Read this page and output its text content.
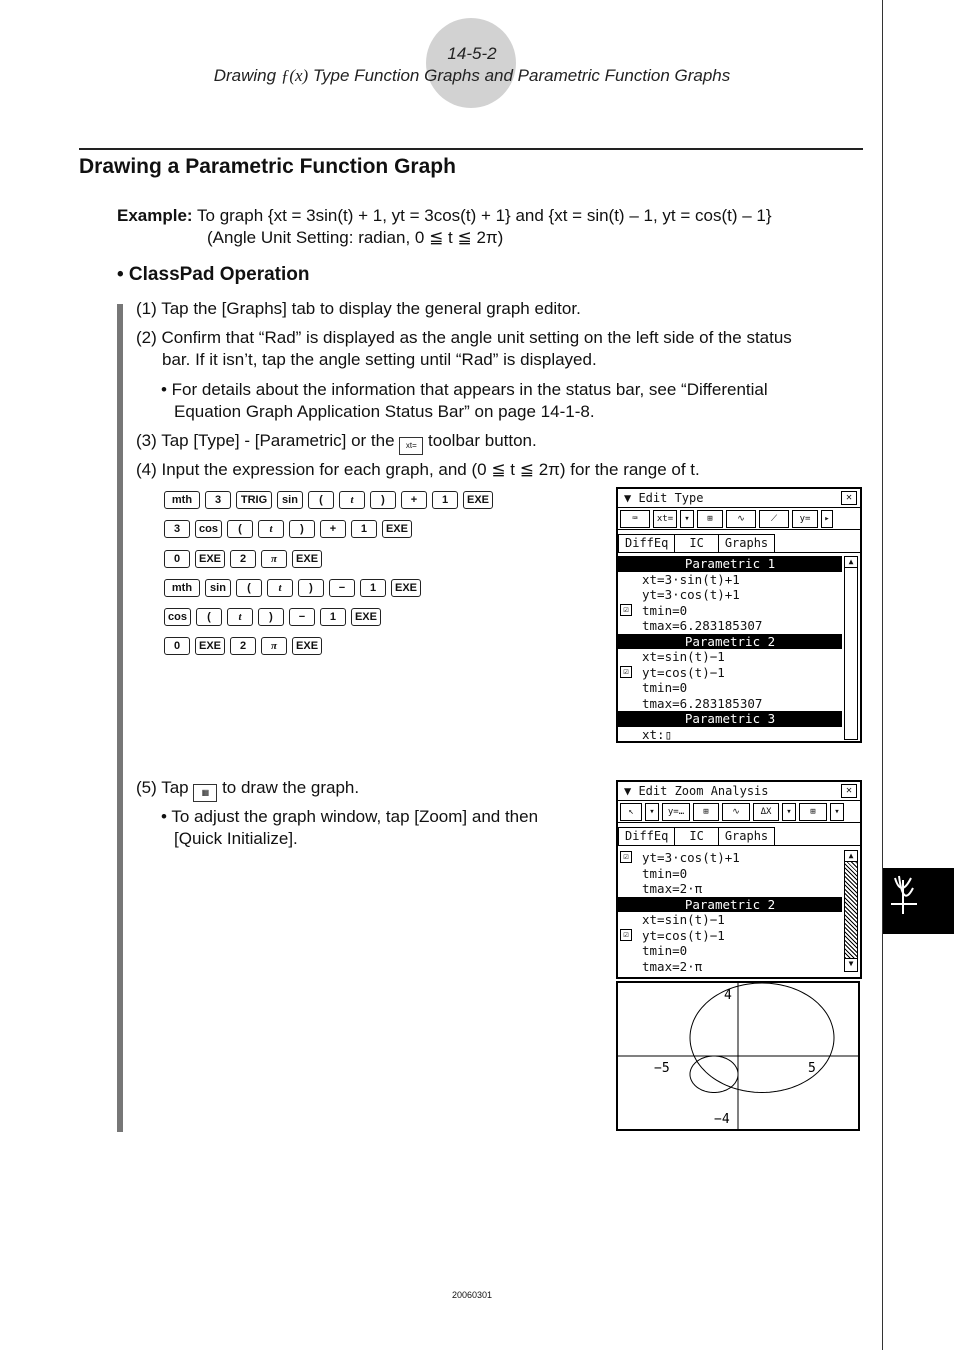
14-5-2
Drawing ƒ(x) Type Function Graphs and Parametric Function Graphs
Drawing a Parametric Function Graph
Example: To graph {xt = 3sin(t) + 1, yt = 3cos(t) + 1} and {xt = sin(t) – 1, yt = cos(t) – 1}
(Angle Unit Setting: radian, 0 ≦ t ≦ 2π)
• ClassPad Operation
(1) Tap the [Graphs] tab to display the general graph editor.
(2) Confirm that “Rad” is displayed as the angle unit setting on the left side of the status
bar. If it isn’t, tap the angle setting until “Rad” is displayed.
• For details about the information that appears in the status bar, see “Differential
Equation Graph Application Status Bar” on page 14-1-8.
(3) Tap [Type] - [Parametric] or the xt= toolbar button.
(4) Input the expression for each graph, and (0 ≦ t ≦ 2π) for the range of t.
mth	3	TRIG	sin	(	t	)	+	1	EXE
3	cos	(	t	)	+	1	EXE
0	EXE	2	π	EXE
mth	sin	(	t	)	−	1	EXE
cos	(	t	)	−	1	EXE
0	EXE	2	π	EXE
▼ Edit Type	✕
⌨	xt=	▾	⊞	∿	⟋	y=	▸
DiffEq	IC	Graphs
Parametric 1
xt=3·sin(t)+1
yt=3·cos(t)+1
☑ tmin=0
tmax=6.283185307
Parametric 2
xt=sin(t)−1
☑ yt=cos(t)−1
tmin=0
tmax=6.283185307
Parametric 3
xt:▯
▲
(5) Tap ▦ to draw the graph.
• To adjust the graph window, tap [Zoom] and then
[Quick Initialize].
▼ Edit Zoom Analysis	✕
↖	▾	y=…	⊞	∿	ΔX	▾	⊞	▾
DiffEq	IC	Graphs
☑ yt=3·cos(t)+1
tmin=0
tmax=2·π
Parametric 2
xt=sin(t)−1
☑ yt=cos(t)−1
tmin=0
tmax=2·π
▲
▼
−5	5
4
−4
20060301
